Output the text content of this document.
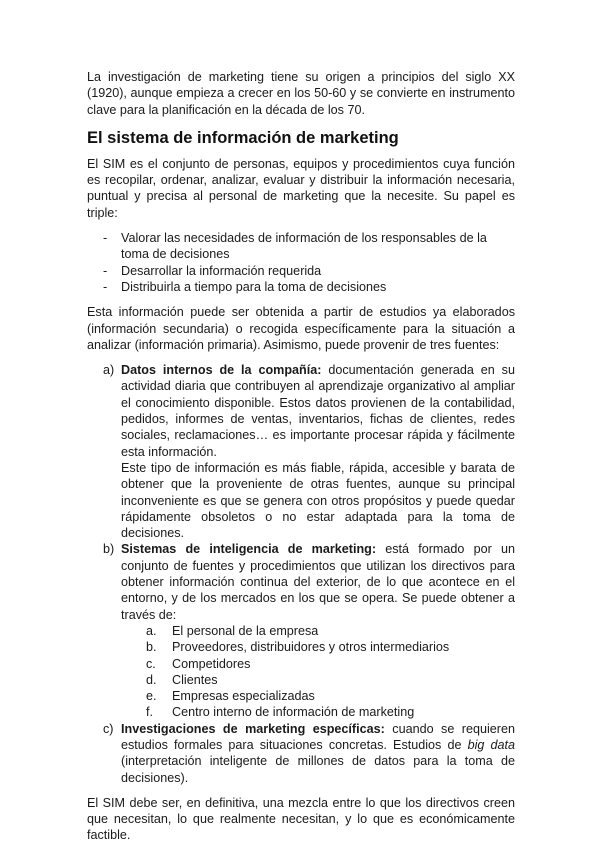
La investigación de marketing tiene su origen a principios del siglo XX (1920), aunque empieza a crecer en los 50-60 y se convierte en instrumento clave para la planificación en la década de los 70.

El sistema de información de marketing

El SIM es el conjunto de personas, equipos y procedimientos cuya función es recopilar, ordenar, analizar, evaluar y distribuir la información necesaria, puntual y precisa al personal de marketing que la necesite. Su papel es triple:

- Valorar las necesidades de información de los responsables de la toma de decisiones
- Desarrollar la información requerida
- Distribuirla a tiempo para la toma de decisiones

Esta información puede ser obtenida a partir de estudios ya elaborados (información secundaria) o recogida específicamente para la situación a analizar (información primaria). Asimismo, puede provenir de tres fuentes:

a) Datos internos de la compañía: documentación generada en su actividad diaria que contribuyen al aprendizaje organizativo al ampliar el conocimiento disponible. Estos datos provienen de la contabilidad, pedidos, informes de ventas, inventarios, fichas de clientes, redes sociales, reclamaciones… es importante procesar rápida y fácilmente esta información.

Este tipo de información es más fiable, rápida, accesible y barata de obtener que la proveniente de otras fuentes, aunque su principal inconveniente es que se genera con otros propósitos y puede quedar rápidamente obsoletos o no estar adaptada para la toma de decisiones.

b) Sistemas de inteligencia de marketing: está formado por un conjunto de fuentes y procedimientos que utilizan los directivos para obtener información continua del exterior, de lo que acontece en el entorno, y de los mercados en los que se opera. Se puede obtener a través de:

a. El personal de la empresa
b. Proveedores, distribuidores y otros intermediarios
c. Competidores
d. Clientes
e. Empresas especializadas
f. Centro interno de información de marketing
c) Investigaciones de marketing específicas: cuando se requieren estudios formales para situaciones concretas. Estudios de big data (interpretación inteligente de millones de datos para la toma de decisiones).

El SIM debe ser, en definitiva, una mezcla entre lo que los directivos creen que necesitan, lo que realmente necesitan, y lo que es económicamente factible.
